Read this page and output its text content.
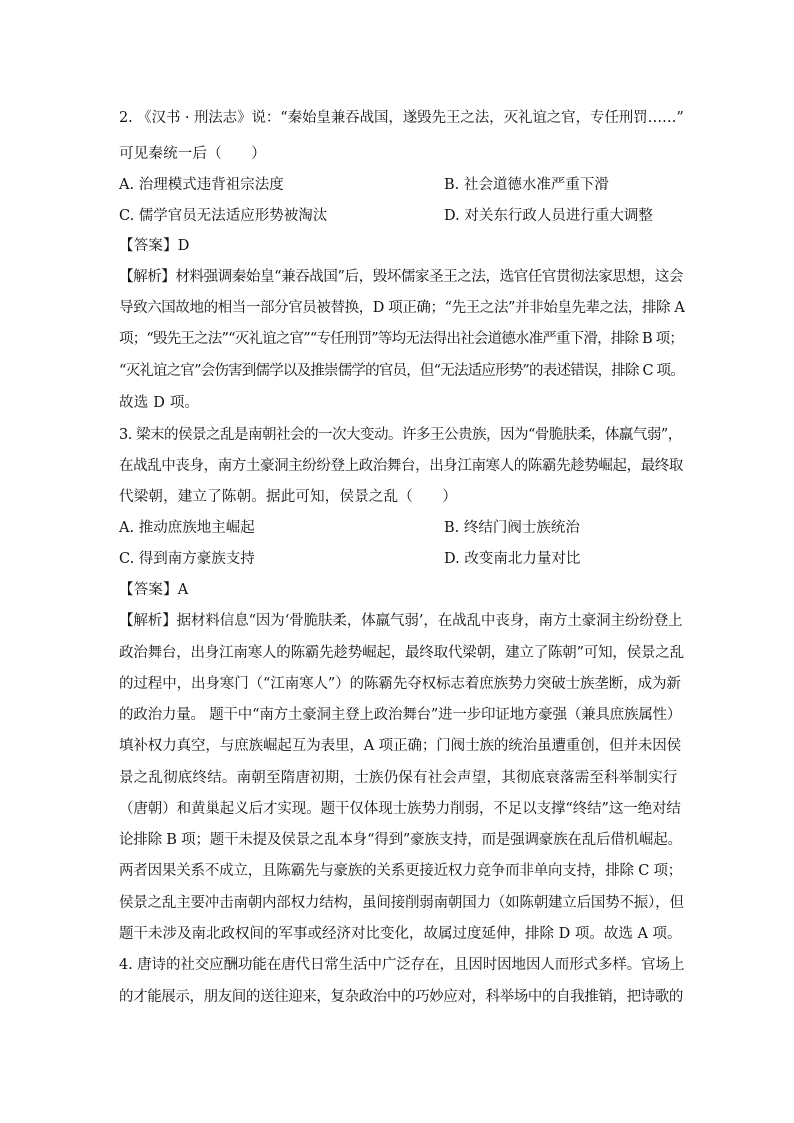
2. 《汉书 · 刑法志》说：“秦始皇兼吞战国，遂毁先王之法，灭礼谊之官，专任刑罚……”
可见秦统一后（　　）
A. 治理模式违背祖宗法度	B. 社会道德水准严重下滑
C. 儒学官员无法适应形势被淘汰	D. 对关东行政人员进行重大调整
【答案】D
【解析】材料强调秦始皇“兼吞战国”后，毁坏儒家圣王之法，选官任官贯彻法家思想，这会
导致六国故地的相当一部分官员被替换，D 项正确；“先王之法”并非始皇先辈之法，排除 A
项；“毁先王之法”“灭礼谊之官”“专任刑罚”等均无法得出社会道德水准严重下滑，排除 B 项；
“灭礼谊之官”会伤害到儒学以及推崇儒学的官员，但“无法适应形势”的表述错误，排除 C 项。
故选 D 项。
3. 梁末的侯景之乱是南朝社会的一次大变动。许多王公贵族，因为“骨脆肤柔，体羸气弱”，
在战乱中丧身，南方土豪洞主纷纷登上政治舞台，出身江南寒人的陈霸先趁势崛起，最终取
代梁朝，建立了陈朝。据此可知，侯景之乱（　　）
A. 推动庶族地主崛起	B. 终结门阀士族统治
C. 得到南方豪族支持	D. 改变南北力量对比
【答案】A
【解析】据材料信息“因为‘骨脆肤柔，体羸气弱’，在战乱中丧身，南方土豪洞主纷纷登上
政治舞台，出身江南寒人的陈霸先趁势崛起，最终取代梁朝，建立了陈朝”可知，侯景之乱
的过程中，出身寒门（“江南寒人”）的陈霸先夺权标志着庶族势力突破士族垄断，成为新
的政治力量。 题干中“南方土豪洞主登上政治舞台”进一步印证地方豪强（兼具庶族属性）
填补权力真空，与庶族崛起互为表里，A 项正确；门阀士族的统治虽遭重创，但并未因侯
景之乱彻底终结。南朝至隋唐初期，士族仍保有社会声望，其彻底衰落需至科举制实行
（唐朝）和黄巢起义后才实现。题干仅体现士族势力削弱，不足以支撑“终结”这一绝对结
论排除 B 项；题干未提及侯景之乱本身“得到”豪族支持，而是强调豪族在乱后借机崛起。
两者因果关系不成立，且陈霸先与豪族的关系更接近权力竞争而非单向支持，排除 C 项；
侯景之乱主要冲击南朝内部权力结构，虽间接削弱南朝国力（如陈朝建立后国势不振），但
题干未涉及南北政权间的军事或经济对比变化，故属过度延伸，排除 D 项。故选 A 项。
4. 唐诗的社交应酬功能在唐代日常生活中广泛存在，且因时因地因人而形式多样。官场上
的才能展示，朋友间的送往迎来，复杂政治中的巧妙应对，科举场中的自我推销，把诗歌的
